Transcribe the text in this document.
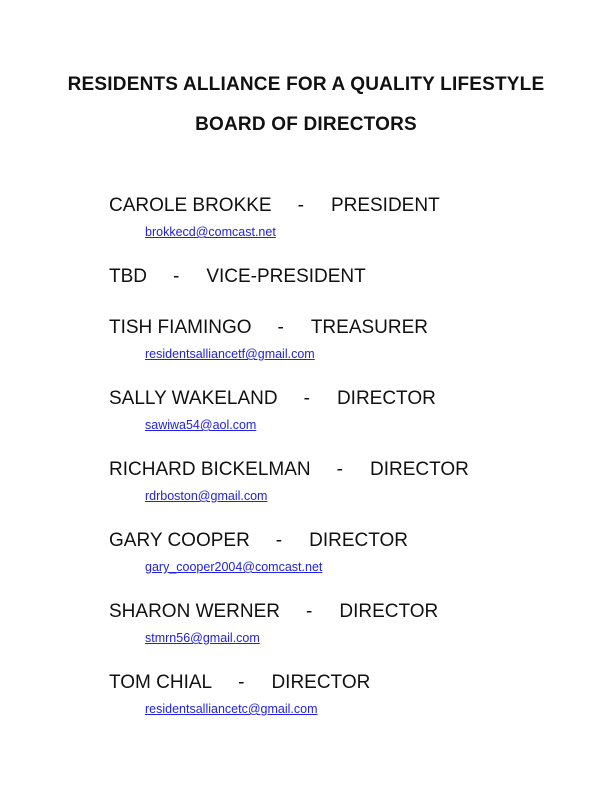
RESIDENTS ALLIANCE FOR A QUALITY LIFESTYLE
BOARD OF DIRECTORS
CAROLE BROKKE - PRESIDENT
brokkecd@comcast.net
TBD - VICE-PRESIDENT
TISH FIAMINGO - TREASURER
residentsalliancetf@gmail.com
SALLY WAKELAND - DIRECTOR
sawiwa54@aol.com
RICHARD BICKELMAN - DIRECTOR
rdrboston@gmail.com
GARY COOPER - DIRECTOR
gary_cooper2004@comcast.net
SHARON WERNER - DIRECTOR
stmrn56@gmail.com
TOM CHIAL - DIRECTOR
residentsalliancetc@gmail.com
